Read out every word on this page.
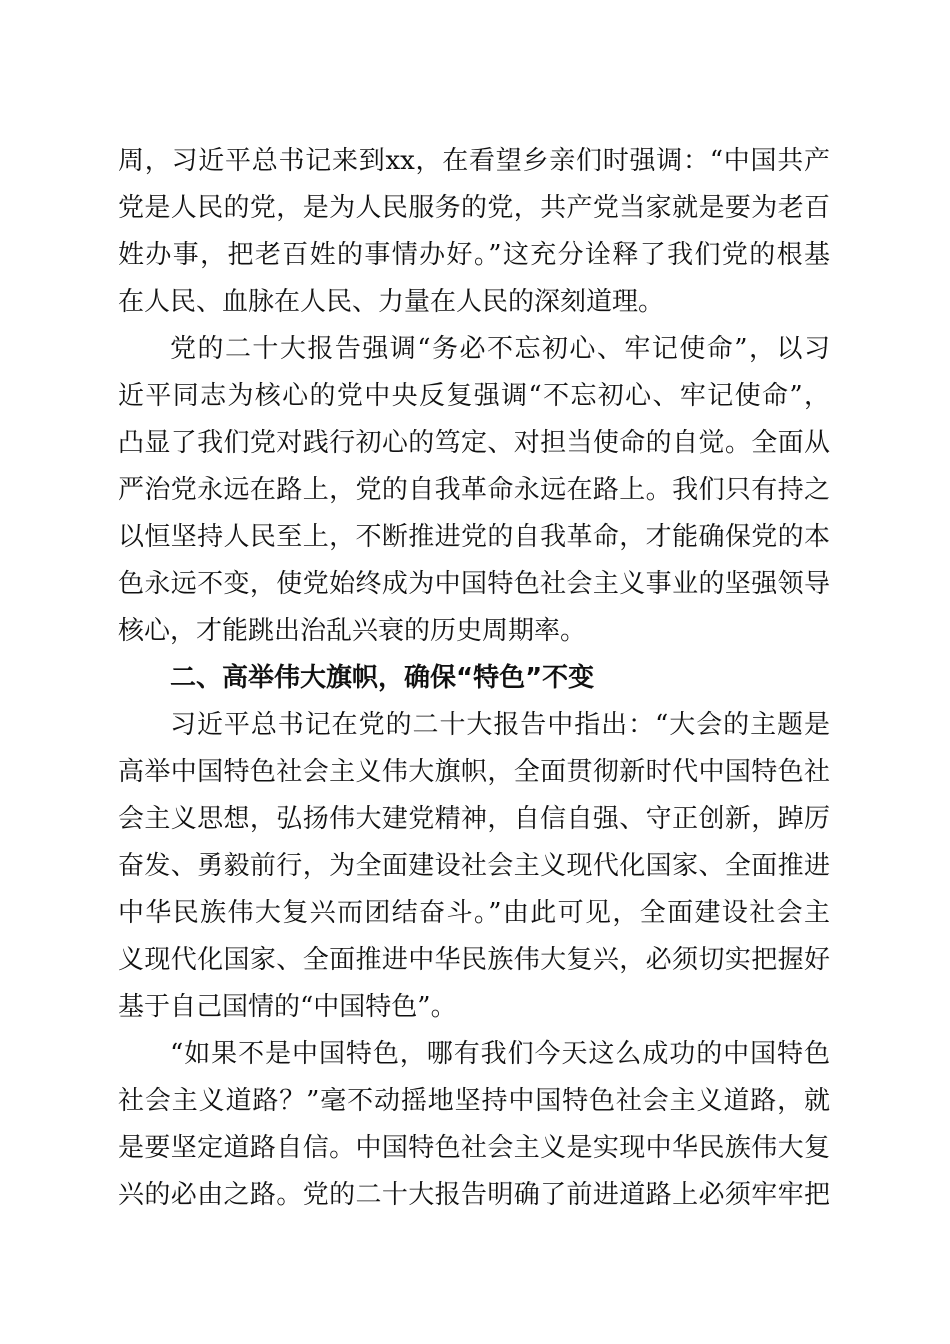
周，习近平总书记来到xx，在看望乡亲们时强调：“中国共产
党是人民的党，是为人民服务的党，共产党当家就是要为老百
姓办事，把老百姓的事情办好。”这充分诠释了我们党的根基
在人民、血脉在人民、力量在人民的深刻道理。
党的二十大报告强调“务必不忘初心、牢记使命”，以习
近平同志为核心的党中央反复强调“不忘初心、牢记使命”，
凸显了我们党对践行初心的笃定、对担当使命的自觉。全面从
严治党永远在路上，党的自我革命永远在路上。我们只有持之
以恒坚持人民至上，不断推进党的自我革命，才能确保党的本
色永远不变，使党始终成为中国特色社会主义事业的坚强领导
核心，才能跳出治乱兴衰的历史周期率。
二、高举伟大旗帜，确保“特色”不变
习近平总书记在党的二十大报告中指出：“大会的主题是
高举中国特色社会主义伟大旗帜，全面贯彻新时代中国特色社
会主义思想，弘扬伟大建党精神，自信自强、守正创新，踔厉
奋发、勇毅前行，为全面建设社会主义现代化国家、全面推进
中华民族伟大复兴而团结奋斗。”由此可见，全面建设社会主
义现代化国家、全面推进中华民族伟大复兴，必须切实把握好
基于自己国情的“中国特色”。
“如果不是中国特色，哪有我们今天这么成功的中国特色
社会主义道路？”毫不动摇地坚持中国特色社会主义道路，就
是要坚定道路自信。中国特色社会主义是实现中华民族伟大复
兴的必由之路。党的二十大报告明确了前进道路上必须牢牢把
